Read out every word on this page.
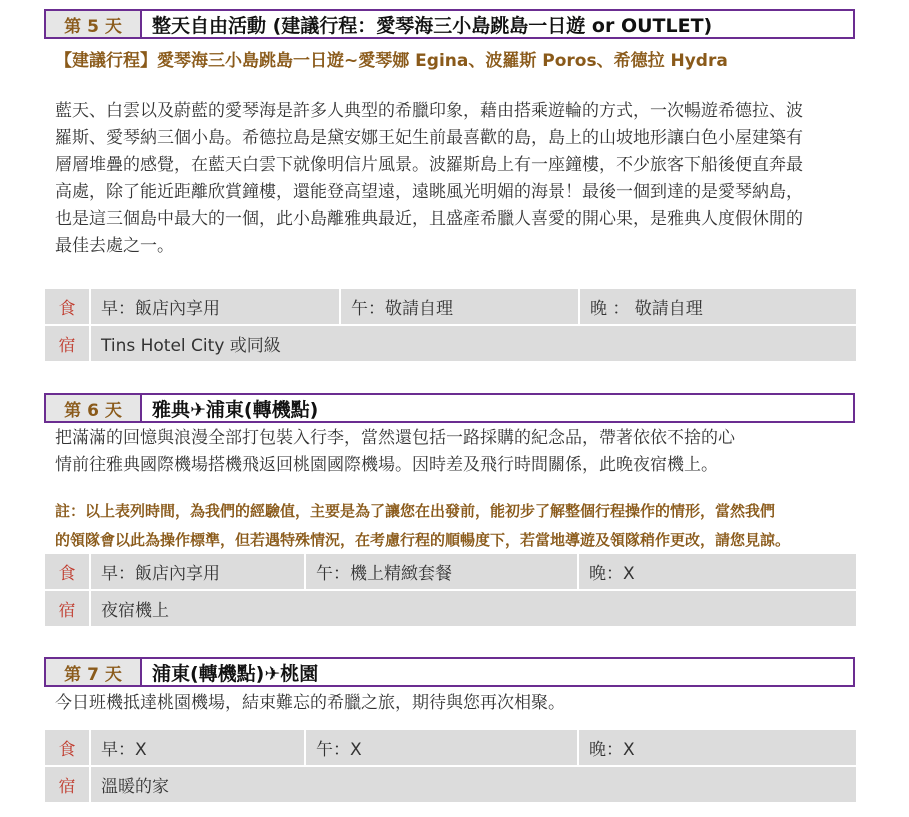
第 5 天	整天自由活動 (建議行程：愛琴海三小島跳島一日遊 or OUTLET)
【建議行程】愛琴海三小島跳島一日遊~愛琴娜 Egina、波羅斯 Poros、希德拉 Hydra
藍天、白雲以及蔚藍的愛琴海是許多人典型的希臘印象，藉由搭乘遊輪的方式，一次暢遊希德拉、波
羅斯、愛琴納三個小島。希德拉島是黛安娜王妃生前最喜歡的島，島上的山坡地形讓白色小屋建築有
層層堆疊的感覺，在藍天白雲下就像明信片風景。波羅斯島上有一座鐘樓，不少旅客下船後便直奔最
高處，除了能近距離欣賞鐘樓，還能登高望遠，遠眺風光明媚的海景！最後一個到達的是愛琴納島，
也是這三個島中最大的一個，此小島離雅典最近，且盛產希臘人喜愛的開心果，是雅典人度假休閒的
最佳去處之一。
食	早：飯店內享用	午：敬請自理	晚 ： 敬請自理
宿	Tins Hotel City 或同級
第 6 天	雅典✈浦東(轉機點)
把滿滿的回憶與浪漫全部打包裝入行李，當然還包括一路採購的紀念品，帶著依依不捨的心
情前往雅典國際機場搭機飛返回桃園國際機場。因時差及飛行時間關係，此晚夜宿機上。
註：以上表列時間，為我們的經驗值，主要是為了讓您在出發前，能初步了解整個行程操作的情形，當然我們
的領隊會以此為操作標準，但若遇特殊情況，在考慮行程的順暢度下，若當地導遊及領隊稍作更改，請您見諒。
食	早：飯店內享用	午：機上精緻套餐	晚：X
宿	夜宿機上
第 7 天	浦東(轉機點)✈桃園
今日班機抵達桃園機場，結束難忘的希臘之旅，期待與您再次相聚。
食	早：X	午：X	晚：X
宿	溫暖的家
